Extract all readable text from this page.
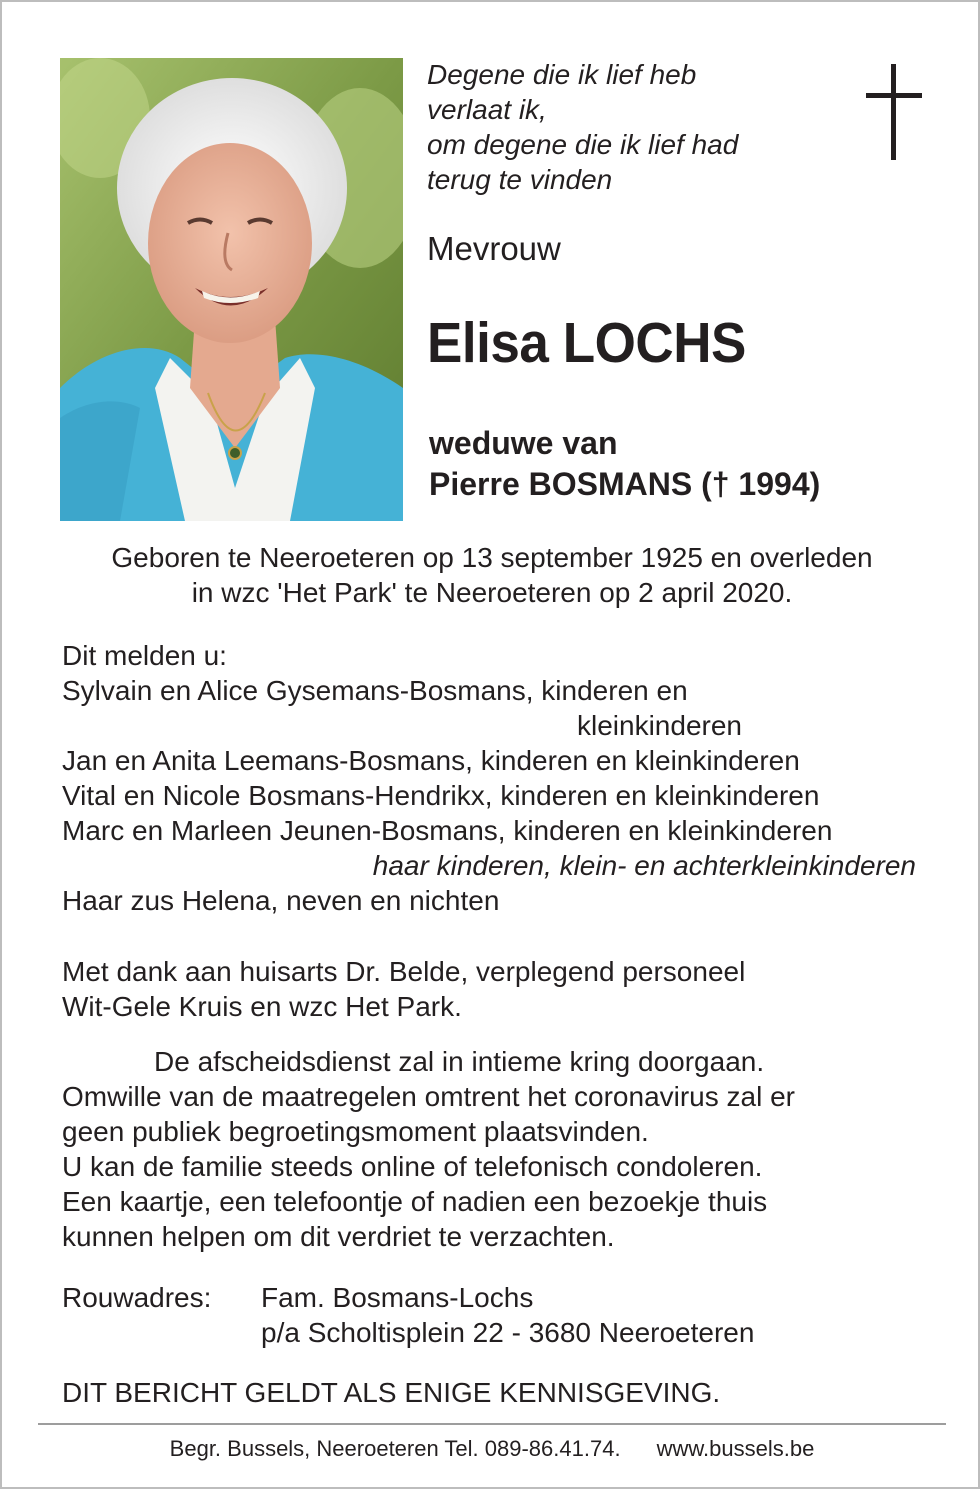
Degene die ik lief heb
verlaat ik,
om degene die ik lief had
terug te vinden
Mevrouw
Elisa LOCHS
weduwe van
Pierre BOSMANS († 1994)
Geboren te Neeroeteren op 13 september 1925 en overleden
in wzc 'Het Park' te Neeroeteren op 2 april 2020.
Dit melden u:
Sylvain en Alice Gysemans-Bosmans, kinderen en
kleinkinderen
Jan en Anita Leemans-Bosmans, kinderen en kleinkinderen
Vital en Nicole Bosmans-Hendrikx, kinderen en kleinkinderen
Marc en Marleen Jeunen-Bosmans, kinderen en kleinkinderen
haar kinderen, klein- en achterkleinkinderen
Haar zus Helena, neven en nichten
Met dank aan huisarts Dr. Belde, verplegend personeel
Wit-Gele Kruis en wzc Het Park.
De afscheidsdienst zal in intieme kring doorgaan.
Omwille van de maatregelen omtrent het coronavirus zal er
geen publiek begroetingsmoment plaatsvinden.
U kan de familie steeds online of telefonisch condoleren.
Een kaartje, een telefoontje of nadien een bezoekje thuis
kunnen helpen om dit verdriet te verzachten.
Rouwadres: Fam. Bosmans-Lochs
p/a Scholtisplein 22 - 3680 Neeroeteren
DIT BERICHT GELDT ALS ENIGE KENNISGEVING.
Begr. Bussels, Neeroeteren Tel. 089-86.41.74. www.bussels.be
